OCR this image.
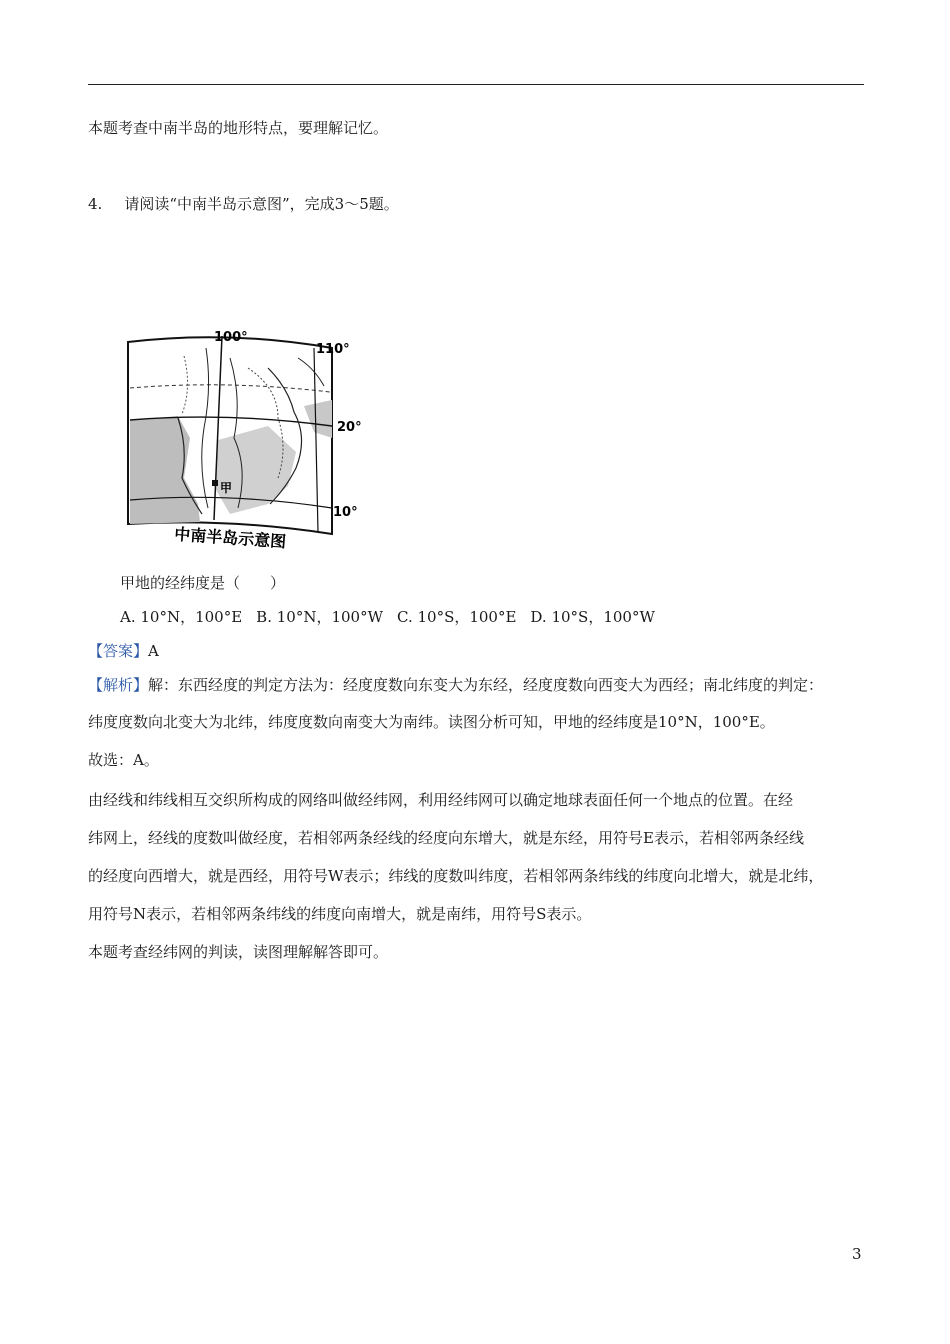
本题考查中南半岛的地形特点，要理解记忆。
4. 请阅读“中南半岛示意图”，完成3～5题。
100°
110°
20°
10°
甲
中南半岛示意图
甲地的经纬度是（　　）
A. 10°N，100°E B. 10°N，100°W C. 10°S，100°E D. 10°S，100°W
【答案】A
【解析】解：东西经度的判定方法为：经度度数向东变大为东经，经度度数向西变大为西经；南北纬度的判定：
纬度度数向北变大为北纬，纬度度数向南变大为南纬。读图分析可知，甲地的经纬度是10°N，100°E。
故选：A。
由经线和纬线相互交织所构成的网络叫做经纬网，利用经纬网可以确定地球表面任何一个地点的位置。在经
纬网上，经线的度数叫做经度，若相邻两条经线的经度向东增大，就是东经，用符号E表示，若相邻两条经线
的经度向西增大，就是西经，用符号W表示；纬线的度数叫纬度，若相邻两条纬线的纬度向北增大，就是北纬，
用符号N表示，若相邻两条纬线的纬度向南增大，就是南纬，用符号S表示。
本题考查经纬网的判读，读图理解解答即可。
3
